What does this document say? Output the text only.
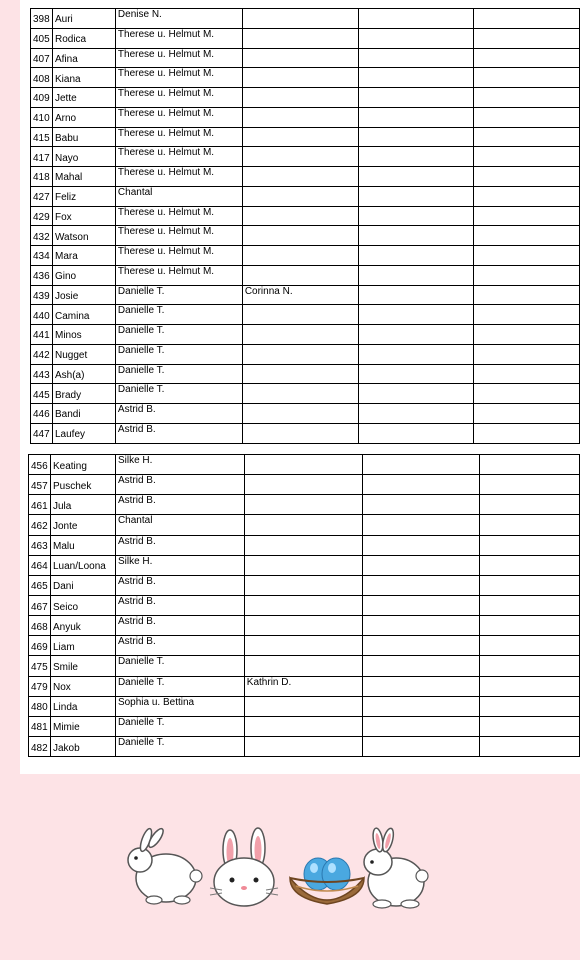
398	Auri	Denise N.			
405	Rodica	Therese u. Helmut M.			
407	Afina	Therese u. Helmut M.			
408	Kiana	Therese u. Helmut M.			
409	Jette	Therese u. Helmut M.			
410	Arno	Therese u. Helmut M.			
415	Babu	Therese u. Helmut M.			
417	Nayo	Therese u. Helmut M.			
418	Mahal	Therese u. Helmut M.			
427	Feliz	Chantal			
429	Fox	Therese u. Helmut M.			
432	Watson	Therese u. Helmut M.			
434	Mara	Therese u. Helmut M.			
436	Gino	Therese u. Helmut M.			
439	Josie	Danielle T.	Corinna N.		
440	Camina	Danielle T.			
441	Minos	Danielle T.			
442	Nugget	Danielle T.			
443	Ash(a)	Danielle T.			
445	Brady	Danielle T.			
446	Bandi	Astrid B.			
447	Laufey	Astrid B.			
456	Keating	Silke H.			
457	Puschek	Astrid B.			
461	Jula	Astrid B.			
462	Jonte	Chantal			
463	Malu	Astrid B.			
464	Luan/Loona	Silke H.			
465	Dani	Astrid B.			
467	Seico	Astrid B.			
468	Anyuk	Astrid B.			
469	Liam	Astrid B.			
475	Smile	Danielle T.			
479	Nox	Danielle T.	Kathrin D.		
480	Linda	Sophia u. Bettina			
481	Mimie	Danielle T.			
482	Jakob	Danielle T.			
